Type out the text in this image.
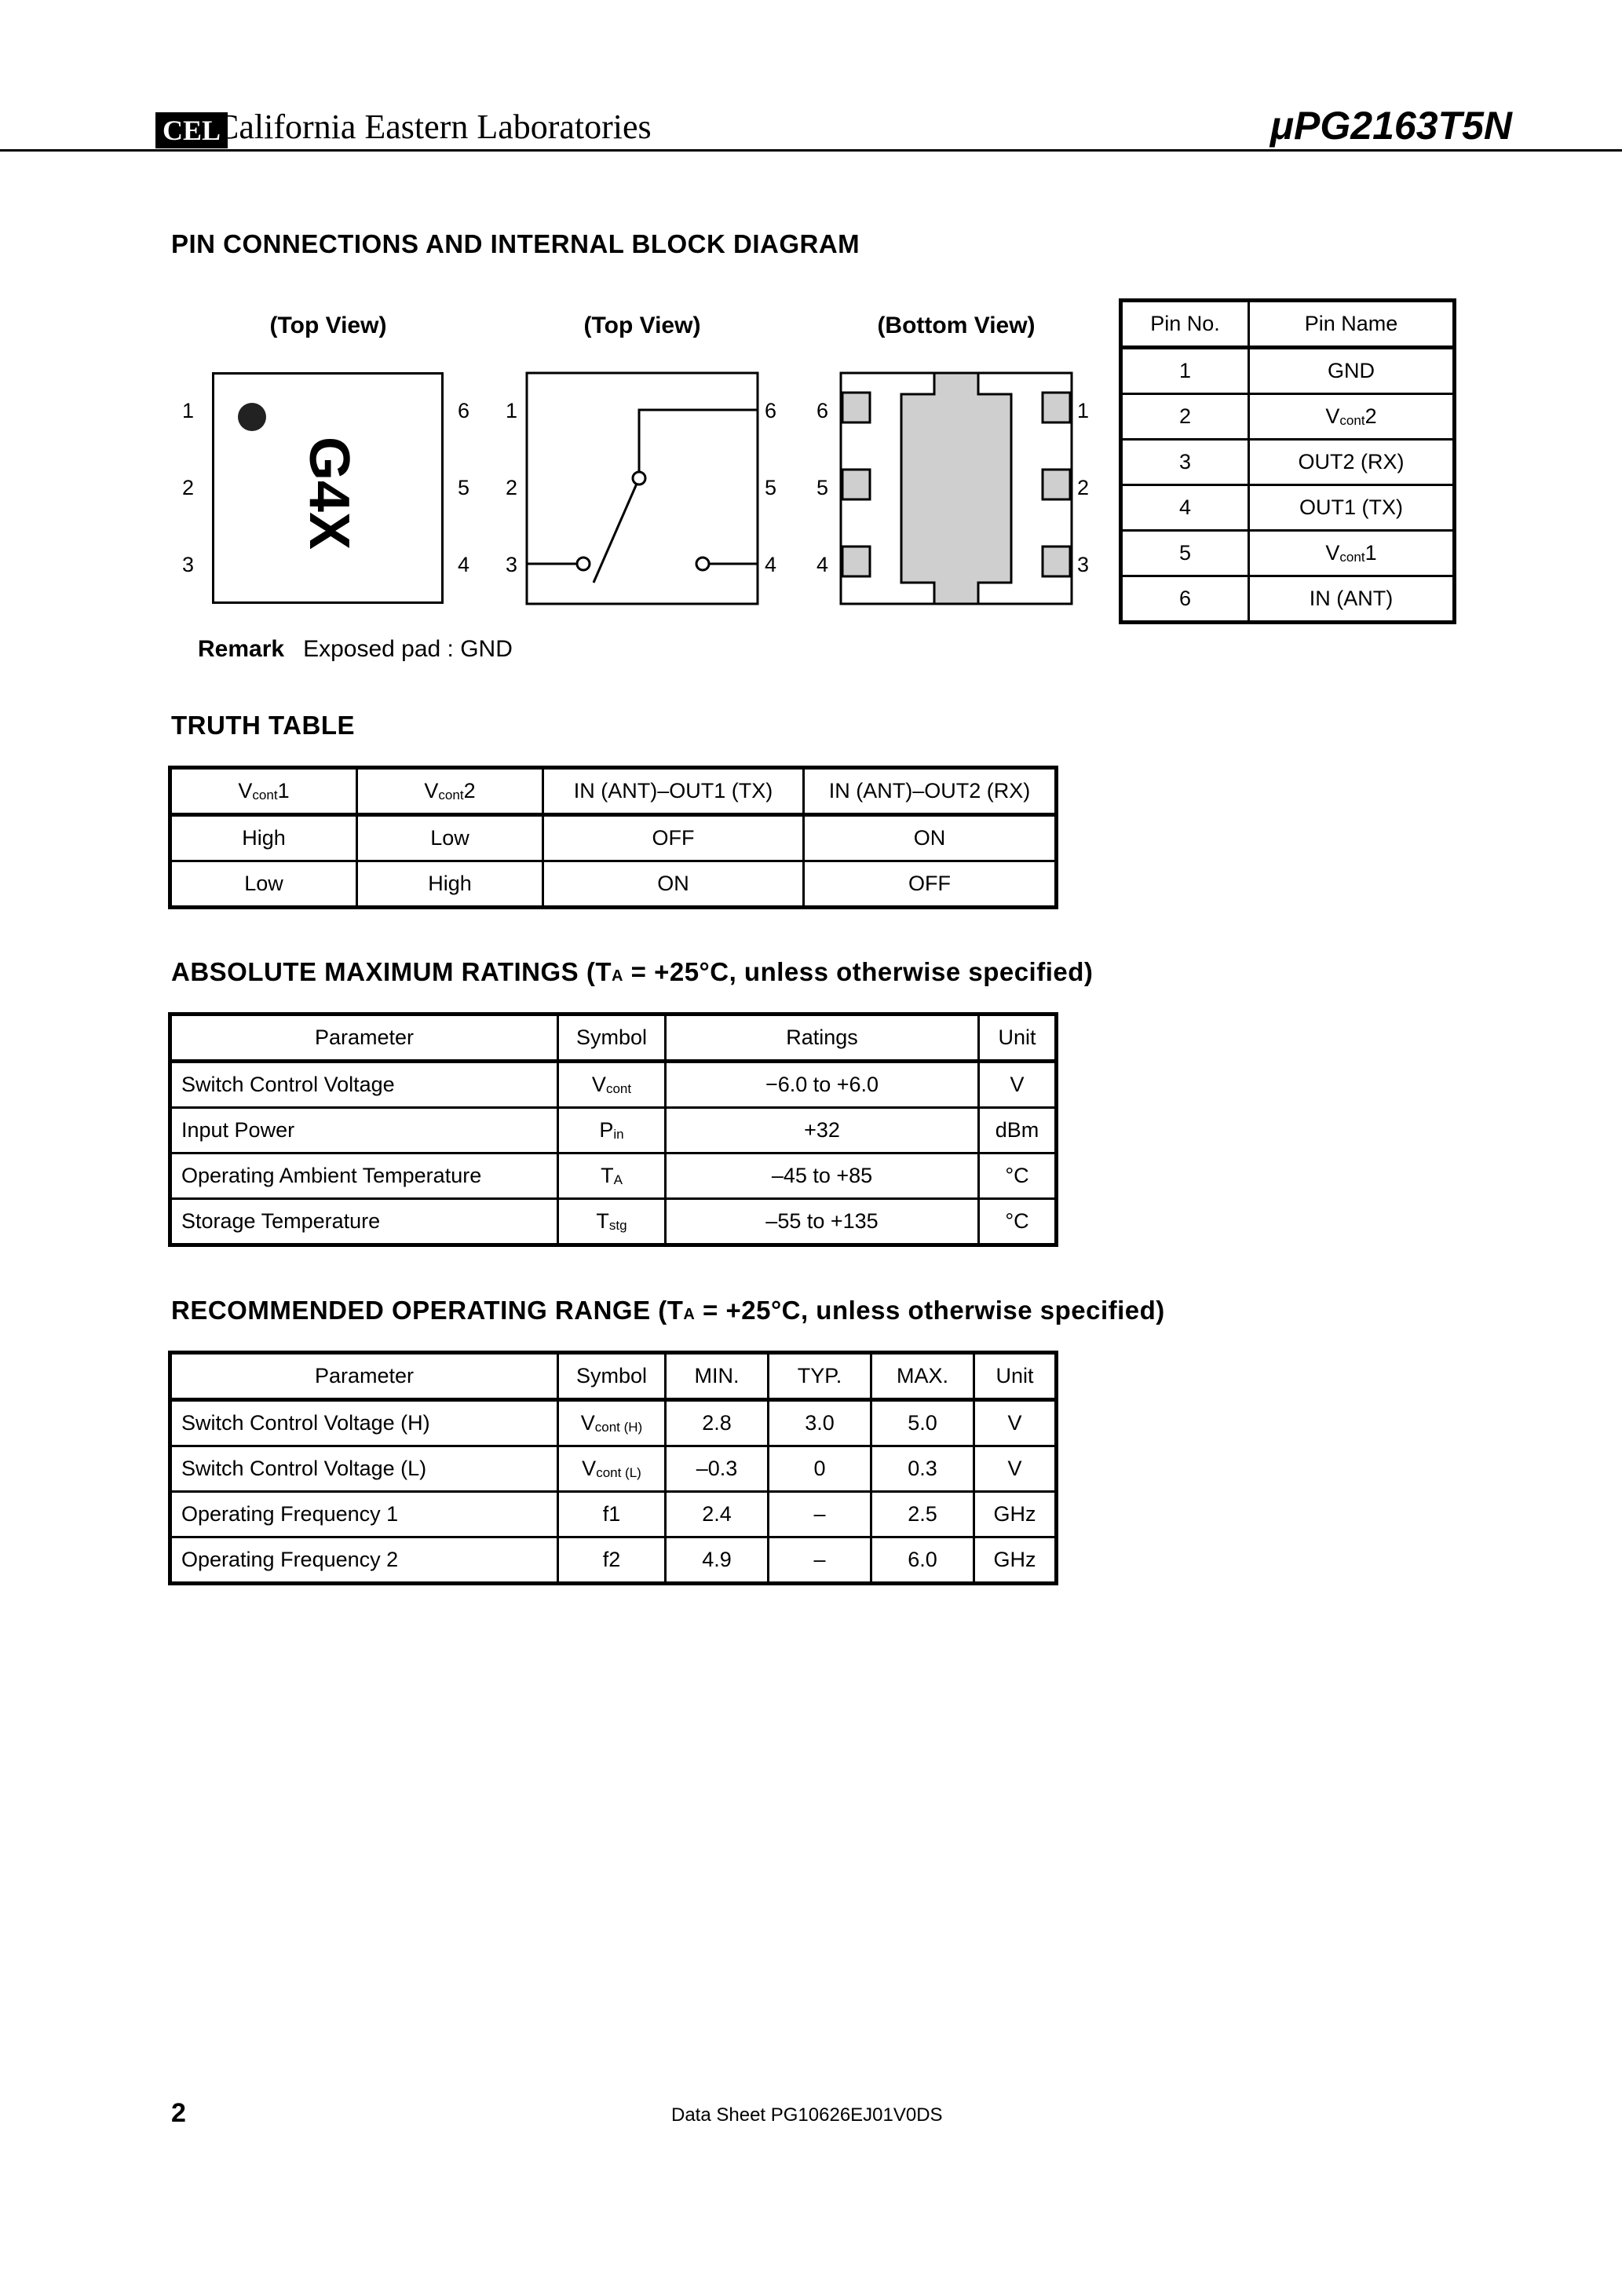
CEL
California Eastern Laboratories	μPG2163T5N
PIN CONNECTIONS AND INTERNAL BLOCK DIAGRAM
(Top View)	(Top View)	(Bottom View)
1
2
3
6
5
4
G4X
1
2
3
6
5
4
6
5
4
1
2
3
Remark Exposed pad : GND
Pin No.	Pin Name
1	GND
2	Vcont2
3	OUT2 (RX)
4	OUT1 (TX)
5	Vcont1
6	IN (ANT)
TRUTH TABLE
Vcont1	Vcont2	IN (ANT)–OUT1 (TX)	IN (ANT)–OUT2 (RX)
High	Low	OFF	ON
Low	High	ON	OFF
ABSOLUTE MAXIMUM RATINGS (TA = +25°C, unless otherwise specified)
Parameter	Symbol	Ratings	Unit
Switch Control Voltage	Vcont	−6.0 to +6.0	V
Input Power	Pin	+32	dBm
Operating Ambient Temperature	TA	–45 to +85	°C
Storage Temperature	Tstg	–55 to +135	°C
RECOMMENDED OPERATING RANGE (TA = +25°C, unless otherwise specified)
Parameter	Symbol	MIN.	TYP.	MAX.	Unit
Switch Control Voltage (H)	Vcont (H)	2.8	3.0	5.0	V
Switch Control Voltage (L)	Vcont (L)	–0.3	0	0.3	V
Operating Frequency 1	f1	2.4	–	2.5	GHz
Operating Frequency 2	f2	4.9	–	6.0	GHz
2	Data Sheet PG10626EJ01V0DS
